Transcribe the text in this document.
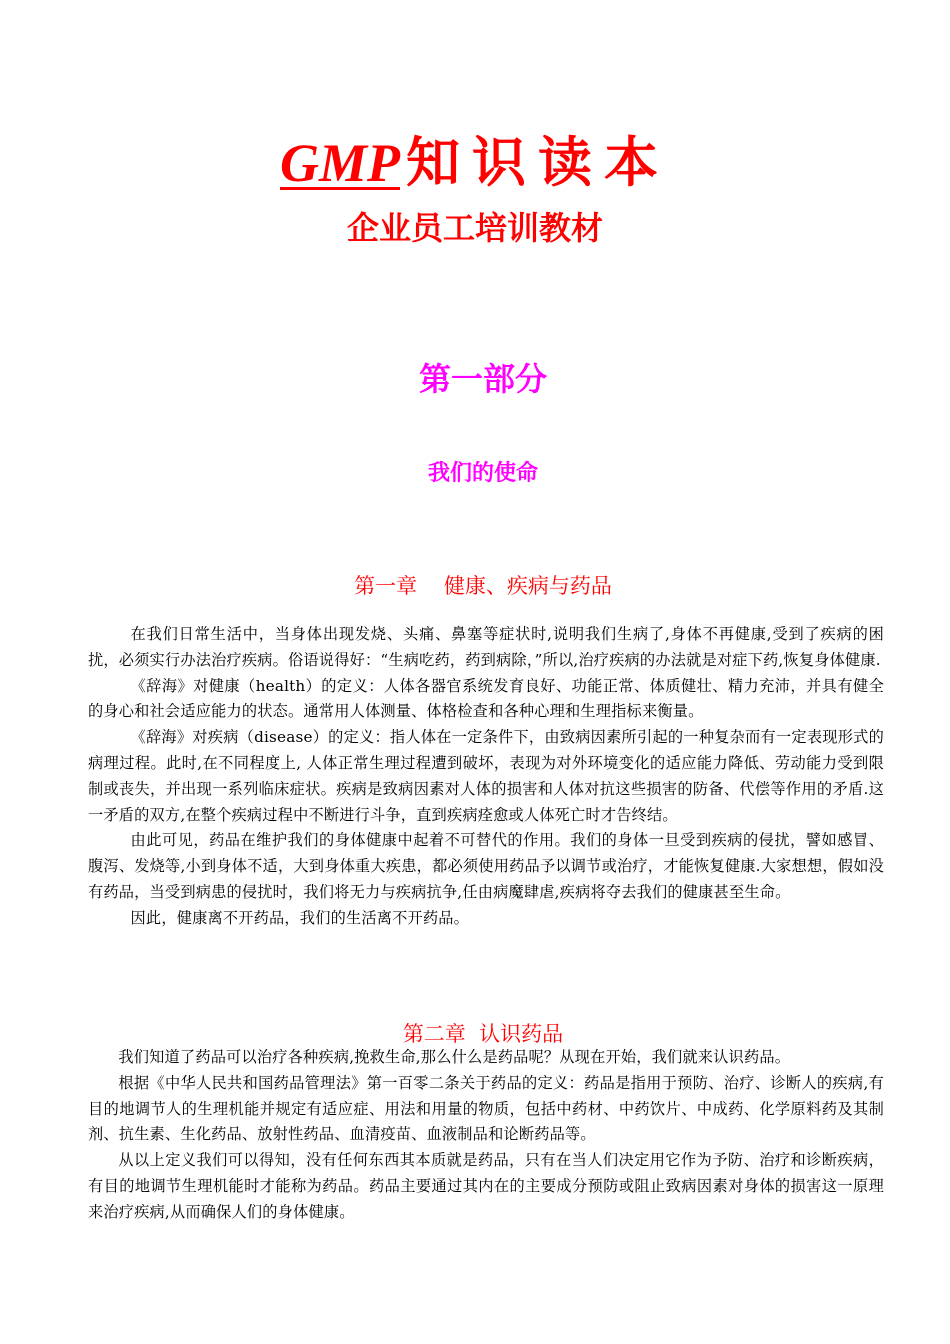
GMP 知识读本
企业员工培训教材
第一部分
我们的使命
第一章    健康、疾病与药品

在我们日常生活中，当身体出现发烧、头痛、鼻塞等症状时,说明我们生病了,身体不再健康,受到了疾病的困扰，必须实行办法治疗疾病。俗语说得好：“生病吃药，药到病除，”所以,治疗疾病的办法就是对症下药,恢复身体健康.

《辞海》对健康（health）的定义：人体各器官系统发育良好、功能正常、体质健壮、精力充沛，并具有健全的身心和社会适应能力的状态。通常用人体测量、体格检查和各种心理和生理指标来衡量。

《辞海》对疾病（disease）的定义：指人体在一定条件下，由致病因素所引起的一种复杂而有一定表现形式的病理过程。此时,在不同程度上, 人体正常生理过程遭到破坏，表现为对外环境变化的适应能力降低、劳动能力受到限制或丧失，并出现一系列临床症状。疾病是致病因素对人体的损害和人体对抗这些损害的防备、代偿等作用的矛盾.这一矛盾的双方,在整个疾病过程中不断进行斗争，直到疾病痊愈或人体死亡时才告终结。

由此可见，药品在维护我们的身体健康中起着不可替代的作用。我们的身体一旦受到疾病的侵扰，譬如感冒、腹泻、发烧等,小到身体不适，大到身体重大疾患，都必须使用药品予以调节或治疗，才能恢复健康.大家想想，假如没有药品，当受到病患的侵扰时，我们将无力与疾病抗争,任由病魔肆虐,疾病将夺去我们的健康甚至生命。

因此，健康离不开药品，我们的生活离不开药品。

第二章  认识药品

我们知道了药品可以治疗各种疾病,挽救生命,那么什么是药品呢？从现在开始，我们就来认识药品。

根据《中华人民共和国药品管理法》第一百零二条关于药品的定义：药品是指用于预防、治疗、诊断人的疾病,有目的地调节人的生理机能并规定有适应症、用法和用量的物质，包括中药材、中药饮片、中成药、化学原料药及其制剂、抗生素、生化药品、放射性药品、血清疫苗、血液制品和论断药品等。

从以上定义我们可以得知，没有任何东西其本质就是药品，只有在当人们决定用它作为予防、治疗和诊断疾病，有目的地调节生理机能时才能称为药品。药品主要通过其内在的主要成分预防或阻止致病因素对身体的损害这一原理来治疗疾病,从而确保人们的身体健康。
